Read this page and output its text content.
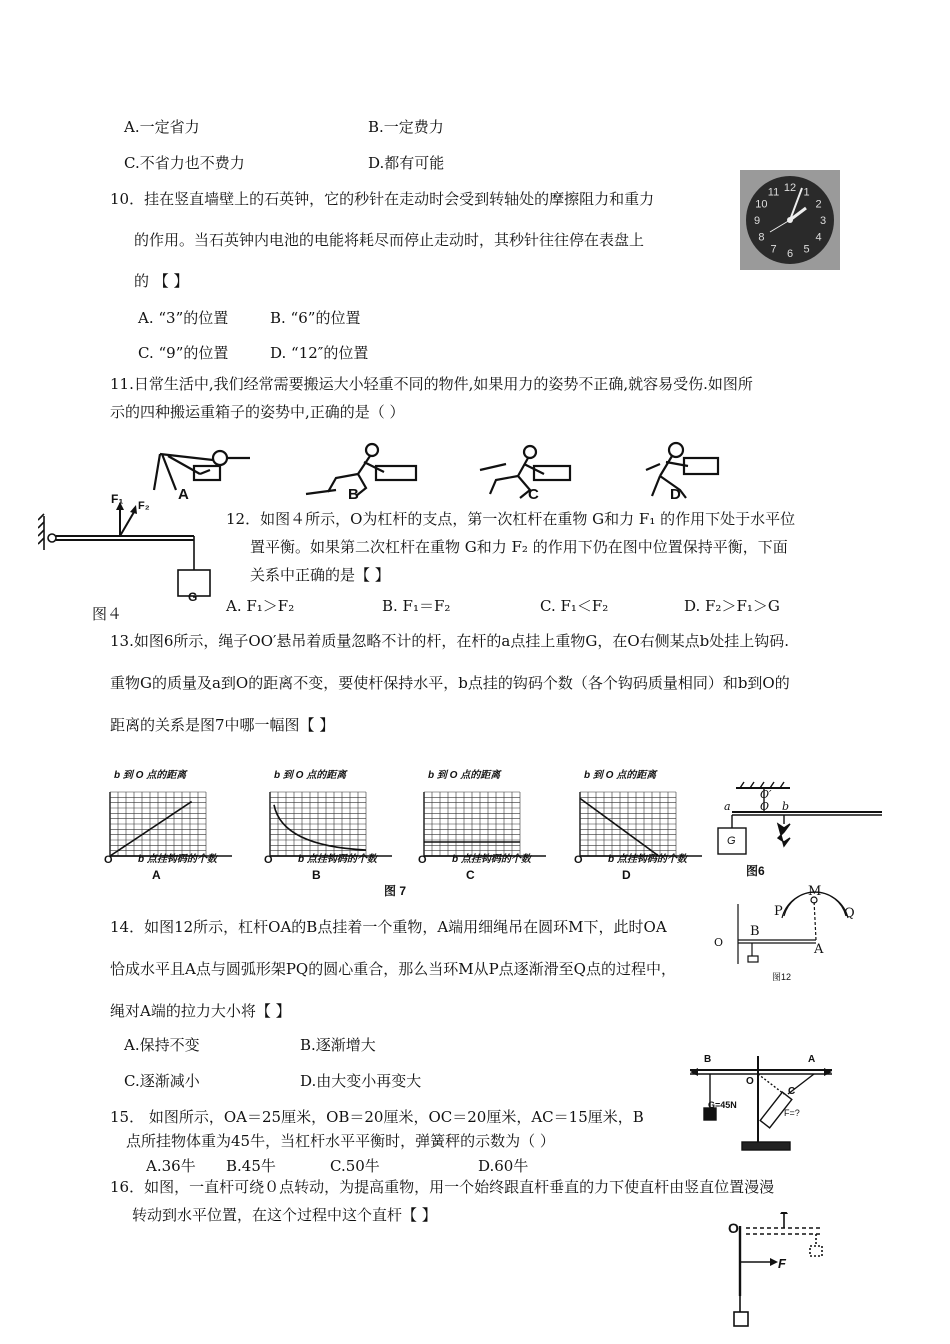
A.一定省力	B.一定费力
C.不省力也不费力	D.都有可能
10．挂在竖直墙壁上的石英钟，它的秒针在走动时会受到转轴处的摩擦阻力和重力
的作用。当石英钟内电池的电能将耗尽而停止走动时，其秒针往往停在表盘上
的 【 】
A. “3”的位置	B. “6”的位置
C. “9”的位置	D. “12″的位置
12 1
2
3
4
5
6
7
8
9
10
11
11.日常生活中,我们经常需要搬运大小轻重不同的物件,如果用力的姿势不正确,就容易受伤.如图所
示的四种搬运重箱子的姿势中,正确的是（ ）
A	B	C	D
F₁ F₂
G
图４
12．如图４所示，O为杠杆的支点，第一次杠杆在重物 G和力 F₁ 的作用下处于水平位
置平衡。如果第二次杠杆在重物 G和力 F₂ 的作用下仍在图中位置保持平衡，下面
关系中正确的是【 】
A. F₁＞F₂	B. F₁＝F₂	C. F₁＜F₂	D. F₂＞F₁＞G
13.如图6所示，绳子OO′悬吊着质量忽略不计的杆，在杆的a点挂上重物G，在O右侧某点b处挂上钩码.
重物G的质量及a到O的距离不变，要使杆保持水平，b点挂的钩码个数（各个钩码质量相同）和b到O的
距离的关系是图7中哪一幅图【 】
b 到 O 点的距离
O	b 点挂钩码的个数
A
b 到 O 点的距离
O	b 点挂钩码的个数
B
b 到 O 点的距离
O	b 点挂钩码的个数
C
b 到 O 点的距离
O	b 点挂钩码的个数
D
图 7
O′
O
a	b
G
图6
14．如图12所示，杠杆OA的B点挂着一个重物，A端用细绳吊在圆环M下，此时OA
恰成水平且A点与圆弧形架PQ的圆心重合，那么当环M从P点逐渐滑至Q点的过程中，
绳对A端的拉力大小将【 】
A.保持不变	B.逐渐增大
C.逐渐减小	D.由大变小再变大
M
P	Q
O
B
A
图12
15． 如图所示，OA＝25厘米，OB＝20厘米，OC＝20厘米，AC＝15厘米，B
点所挂物体重为45牛，当杠杆水平平衡时，弹簧秤的示数为（ ）
A.36牛 B.45牛	C.50牛	D.60牛
B	A
O
C
G=45N
F=?
16．如图，一直杆可绕０点转动，为提高重物，用一个始终跟直杆垂直的力下使直杆由竖直位置漫漫
转动到水平位置，在这个过程中这个直杆【 】
O
F
